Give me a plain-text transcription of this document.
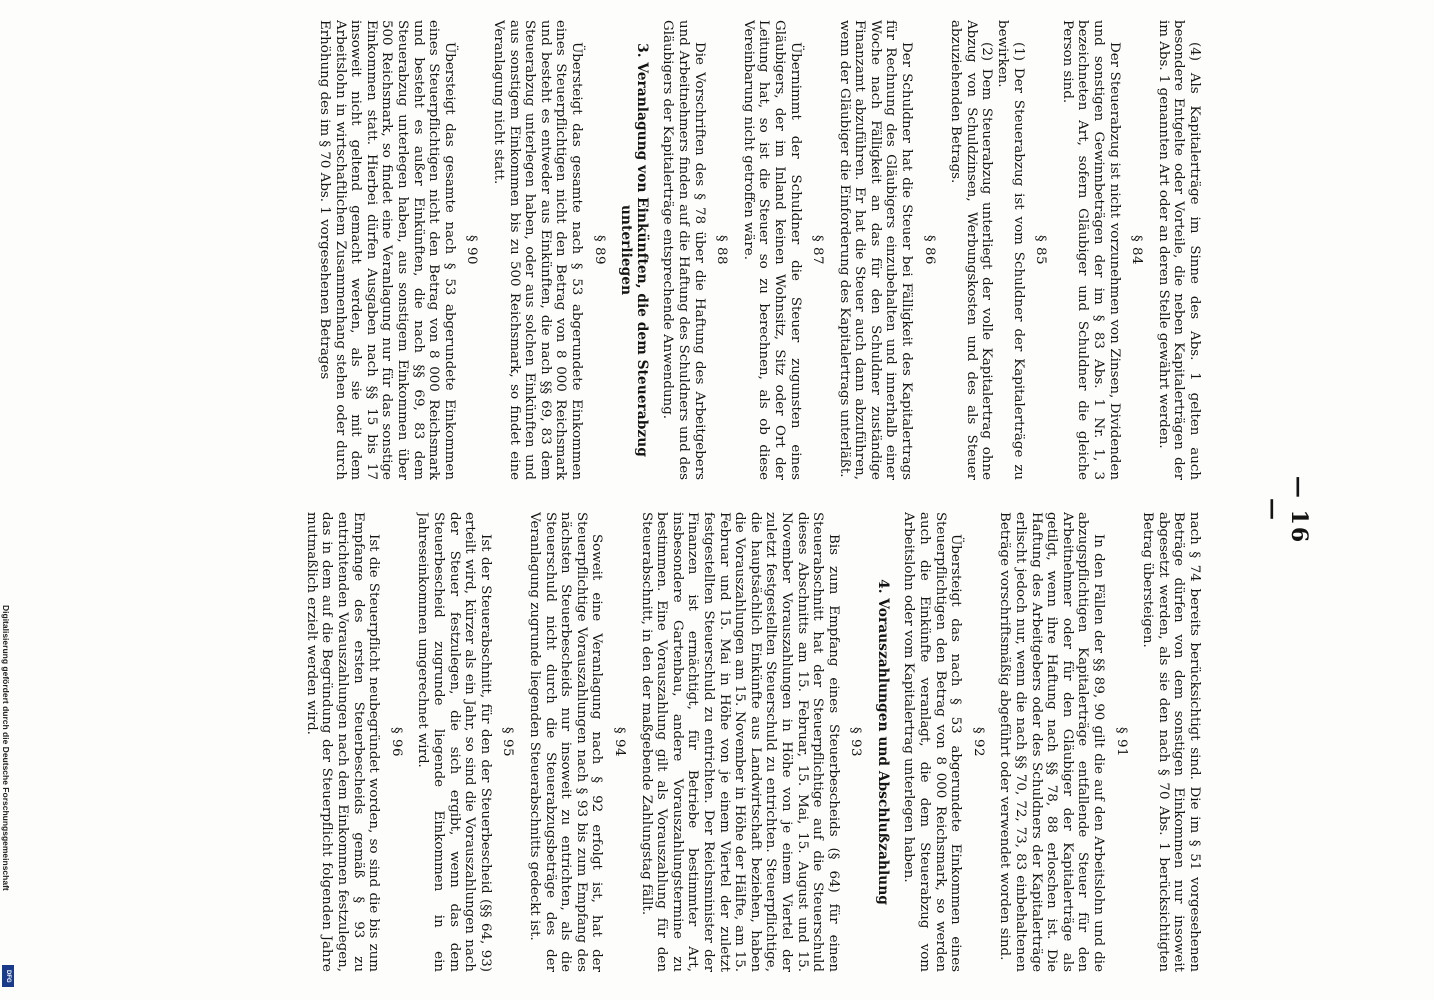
— 16 —

(4) Als Kapitalerträge im Sinne des Abs. 1 gelten auch besondere Entgelte oder Vorteile, die neben Kapitalerträgen der im Abs. 1 genannten Art oder an deren Stelle gewährt werden.

§ 84

Der Steuerabzug ist nicht vorzunehmen von Zinsen, Dividenden und sonstigen Gewinnbeträgen der im § 83 Abs. 1 Nr. 1, 3 bezeichneten Art, sofern Gläubiger und Schuldner die gleiche Person sind.

§ 85

(1) Der Steuerabzug ist vom Schuldner der Kapitalerträge zu bewirken.

(2) Dem Steuerabzug unterliegt der volle Kapitalertrag ohne Abzug von Schuldzinsen, Werbungskosten und des als Steuer abzuziehenden Betrags.

§ 86

Der Schuldner hat die Steuer bei Fälligkeit des Kapitalertrags für Rechnung des Gläubigers einzubehalten und innerhalb einer Woche nach Fälligkeit an das für den Schuldner zuständige Finanzamt abzuführen. Er hat die Steuer auch dann abzuführen, wenn der Gläubiger die Einforderung des Kapitalertrags unterläßt.

§ 87

Übernimmt der Schuldner die Steuer zugunsten eines Gläubigers, der im Inland keinen Wohnsitz, Sitz oder Ort der Leitung hat, so ist die Steuer so zu berechnen, als ob diese Vereinbarung nicht getroffen wäre.

§ 88

Die Vorschriften des § 78 über die Haftung des Arbeitgebers und Arbeitnehmers finden auf die Haftung des Schuldners und des Gläubigers der Kapitalerträge entsprechende Anwendung.

3. Veranlagung von Einkünften, die dem Steuerabzug unterliegen
§ 89

Übersteigt das gesamte nach § 53 abgerundete Einkommen eines Steuerpflichtigen nicht den Betrag von 8 000 Reichsmark und besteht es entweder aus Einkünften, die nach §§ 69, 83 dem Steuerabzug unterlegen haben, oder aus solchen Einkünften und aus sonstigem Einkommen bis zu 500 Reichsmark, so findet eine Veranlagung nicht statt.

§ 90

Übersteigt das gesamte nach § 53 abgerundete Einkommen eines Steuerpflichtigen nicht den Betrag von 8 000 Reichsmark und besteht es außer Einkünften, die nach §§ 69, 83 dem Steuerabzug unterlegen haben, aus sonstigem Einkommen über 500 Reichsmark, so findet eine Veranlagung nur für das sonstige Einkommen statt. Hierbei dürfen Ausgaben nach §§ 15 bis 17 insoweit nicht geltend gemacht werden, als sie mit dem Arbeitslohn in wirtschaftlichem Zusammenhang stehen oder durch Erhöhung des im § 70 Abs. 1 vorgesehenen Betrages

nach § 74 bereits berücksichtigt sind. Die im § 51 vorgesehenen Beträge dürfen von dem sonstigen Einkommen nur insoweit abgesetzt werden, als sie den nach § 70 Abs. 1 berücksichtigten Betrag übersteigen.

§ 91

In den Fällen der §§ 89, 90 gilt die auf den Arbeitslohn und die abzugspflichtigen Kapitalerträge entfallende Steuer für den Arbeitnehmer oder für den Gläubiger der Kapitalerträge als getilgt, wenn ihre Haftung nach §§ 78, 88 erloschen ist. Die Haftung des Arbeitgebers oder des Schuldners der Kapitalerträge erlischt jedoch nur, wenn die nach §§ 70, 72, 73, 83 einbehaltenen Beträge vorschriftsmäßig abgeführt oder verwendet worden sind.

§ 92

Übersteigt das nach § 53 abgerundete Einkommen eines Steuerpflichtigen den Betrag von 8 000 Reichsmark, so werden auch die Einkünfte veranlagt, die dem Steuerabzug vom Arbeitslohn oder vom Kapitalertrag unterlegen haben.

4. Vorauszahlungen und Abschlußzahlung
§ 93

Bis zum Empfang eines Steuerbescheids (§ 64) für einen Steuerabschnitt hat der Steuerpflichtige auf die Steuerschuld dieses Abschnitts am 15. Februar, 15. Mai, 15. August und 15. November Vorauszahlungen in Höhe von je einem Viertel der zuletzt festgestellten Steuerschuld zu entrichten. Steuerpflichtige, die hauptsächlich Einkünfte aus Landwirtschaft beziehen, haben die Vorauszahlungen am 15. November in Höhe der Hälfte, am 15. Februar und 15. Mai in Höhe von je einem Viertel der zuletzt festgestellten Steuerschuld zu entrichten. Der Reichsminister der Finanzen ist ermächtigt, für Betriebe bestimmter Art, insbesondere Gartenbau, andere Vorauszahlungstermine zu bestimmen. Eine Vorauszahlung gilt als Vorauszahlung für den Steuerabschnitt, in den der maßgebende Zahlungstag fällt.

§ 94

Soweit eine Veranlagung nach § 92 erfolgt ist, hat der Steuerpflichtige Vorauszahlungen nach § 93 bis zum Empfang des nächsten Steuerbescheids nur insoweit zu entrichten, als die Steuerschuld nicht durch die Steuerabzugsbeträge des der Veranlagung zugrunde liegenden Steuerabschnitts gedeckt ist.

§ 95

Ist der Steuerabschnitt, für den der Steuerbescheid (§§ 64, 93) erteilt wird, kürzer als ein Jahr, so sind die Vorauszahlungen nach der Steuer festzulegen, die sich ergibt, wenn das dem Steuerbescheid zugrunde liegende Einkommen in ein Jahreseinkommen umgerechnet wird.

§ 96

Ist die Steuerpflicht neubegründet worden, so sind die bis zum Empfange des ersten Steuerbescheids gemäß § 93 zu entrichtenden Vorauszahlungen nach dem Einkommen festzulegen, das in dem auf die Begründung der Steuerpflicht folgenden Jahre mutmaßlich erzielt werden wird.

Digitalisierung gefördert durch die Deutsche Forschungsgemeinschaft
DFG
